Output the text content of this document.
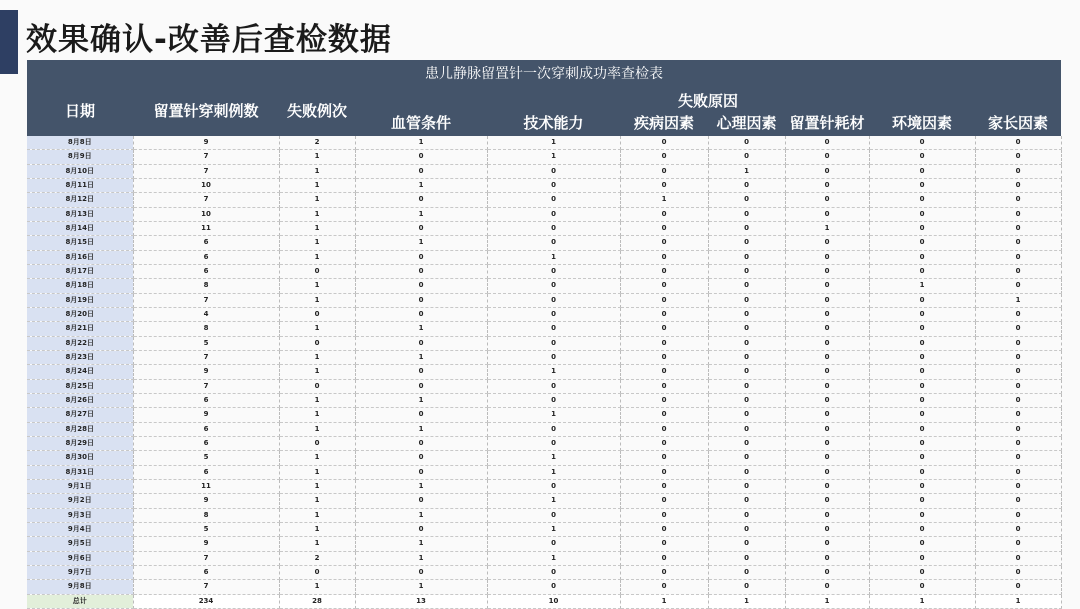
效果确认-改善后查检数据
患儿静脉留置针一次穿刺成功率查检表
日期	留置针穿刺例数	失败例次
失败原因
血管条件	技术能力	疾病因素	心理因素 留置针耗材	环境因素	家长因素
8月8日	9	2	1	1	0	0	0	0	0
8月9日	7	1	0	1	0	0	0	0	0
8月10日	7	1	0	0	0	1	0	0	0
8月11日	10	1	1	0	0	0	0	0	0
8月12日	7	1	0	0	1	0	0	0	0
8月13日	10	1	1	0	0	0	0	0	0
8月14日	11	1	0	0	0	0	1	0	0
8月15日	6	1	1	0	0	0	0	0	0
8月16日	6	1	0	1	0	0	0	0	0
8月17日	6	0	0	0	0	0	0	0	0
8月18日	8	1	0	0	0	0	0	1	0
8月19日	7	1	0	0	0	0	0	0	1
8月20日	4	0	0	0	0	0	0	0	0
8月21日	8	1	1	0	0	0	0	0	0
8月22日	5	0	0	0	0	0	0	0	0
8月23日	7	1	1	0	0	0	0	0	0
8月24日	9	1	0	1	0	0	0	0	0
8月25日	7	0	0	0	0	0	0	0	0
8月26日	6	1	1	0	0	0	0	0	0
8月27日	9	1	0	1	0	0	0	0	0
8月28日	6	1	1	0	0	0	0	0	0
8月29日	6	0	0	0	0	0	0	0	0
8月30日	5	1	0	1	0	0	0	0	0
8月31日	6	1	0	1	0	0	0	0	0
9月1日	11	1	1	0	0	0	0	0	0
9月2日	9	1	0	1	0	0	0	0	0
9月3日	8	1	1	0	0	0	0	0	0
9月4日	5	1	0	1	0	0	0	0	0
9月5日	9	1	1	0	0	0	0	0	0
9月6日	7	2	1	1	0	0	0	0	0
9月7日	6	0	0	0	0	0	0	0	0
9月8日	7	1	1	0	0	0	0	0	0
总计	234	28	13	10	1	1	1	1	1
